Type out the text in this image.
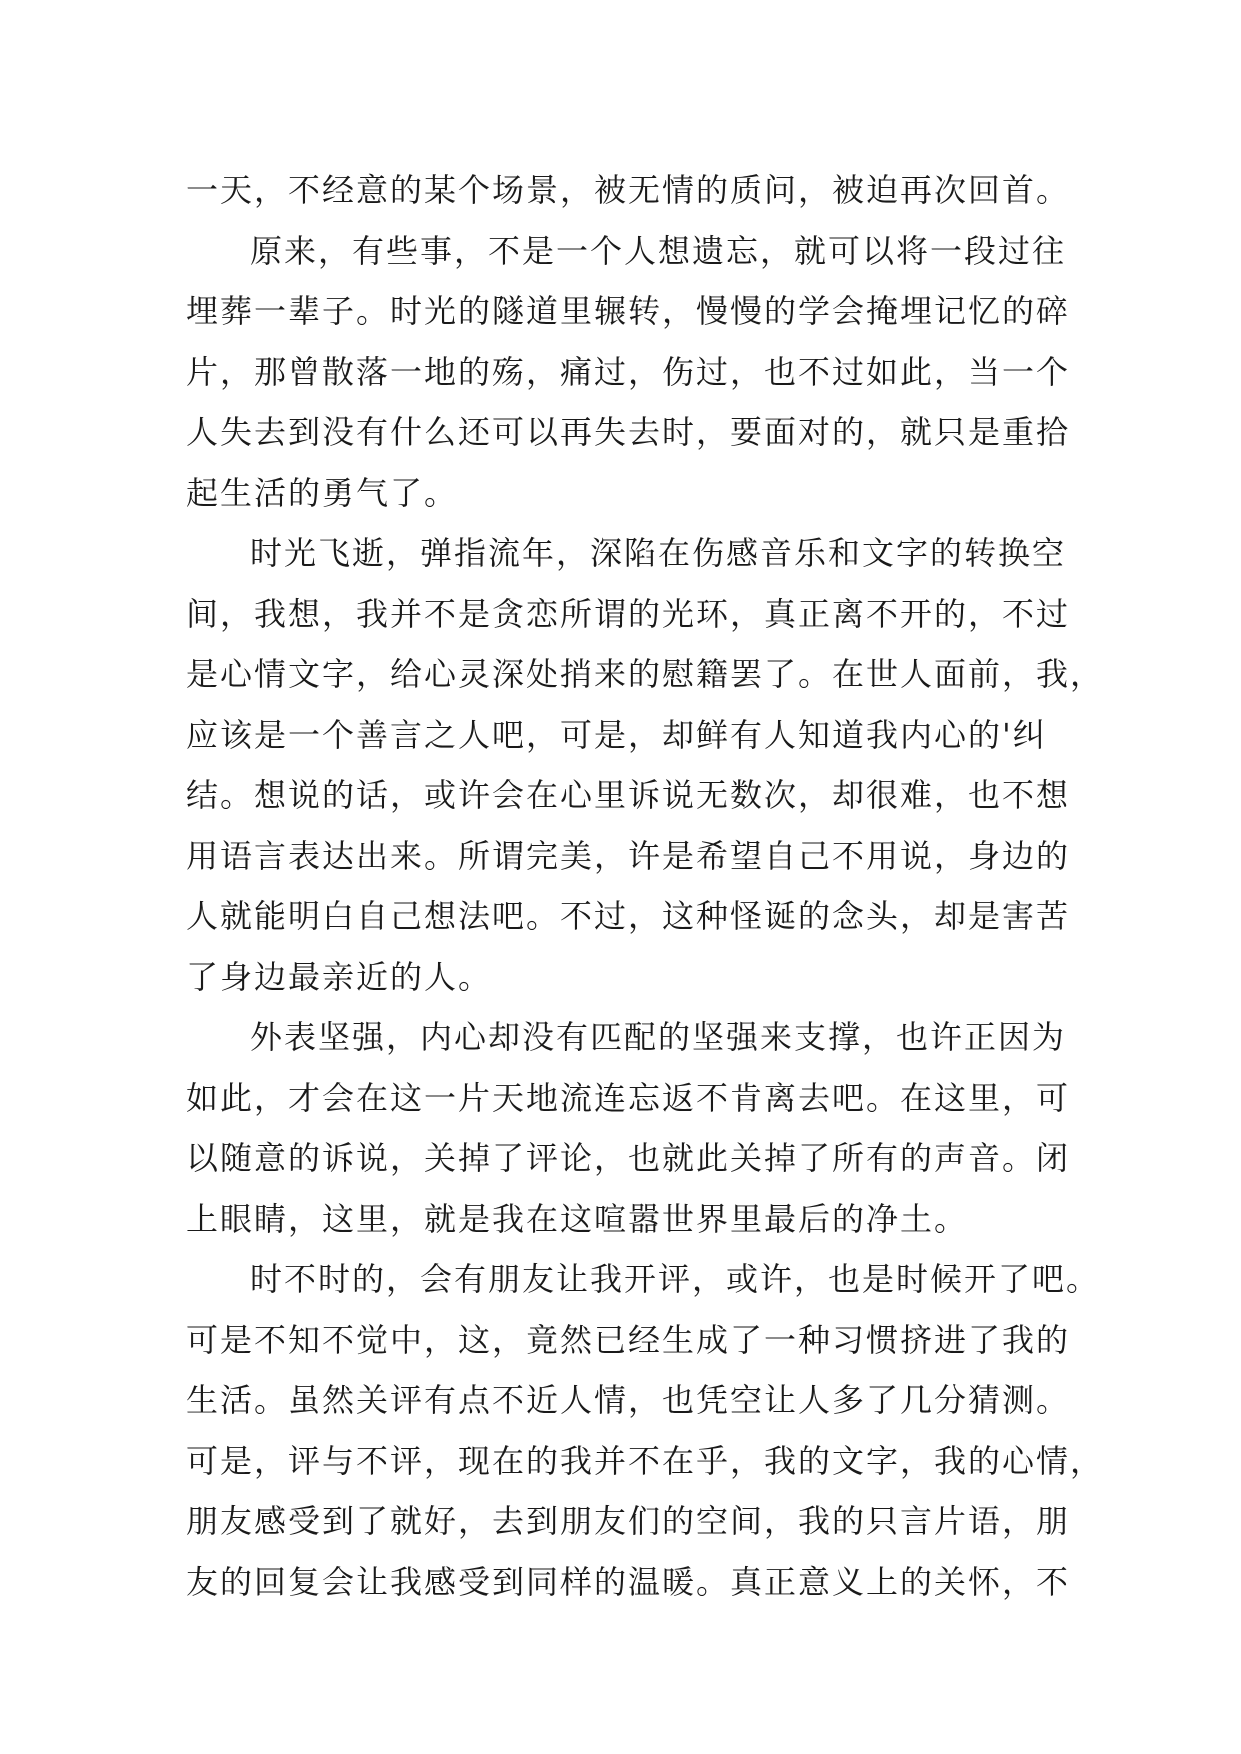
一天，不经意的某个场景，被无情的质问，被迫再次回首。
原来，有些事，不是一个人想遗忘，就可以将一段过往
埋葬一辈子。时光的隧道里辗转，慢慢的学会掩埋记忆的碎
片，那曾散落一地的殇，痛过，伤过，也不过如此，当一个
人失去到没有什么还可以再失去时，要面对的，就只是重拾
起生活的勇气了。
时光飞逝，弹指流年，深陷在伤感音乐和文字的转换空
间，我想，我并不是贪恋所谓的光环，真正离不开的，不过
是心情文字，给心灵深处捎来的慰籍罢了。在世人面前，我，
应该是一个善言之人吧，可是，却鲜有人知道我内心的'纠
结。想说的话，或许会在心里诉说无数次，却很难，也不想
用语言表达出来。所谓完美，许是希望自己不用说，身边的
人就能明白自己想法吧。不过，这种怪诞的念头，却是害苦
了身边最亲近的人。
外表坚强，内心却没有匹配的坚强来支撑，也许正因为
如此，才会在这一片天地流连忘返不肯离去吧。在这里，可
以随意的诉说，关掉了评论，也就此关掉了所有的声音。闭
上眼睛，这里，就是我在这喧嚣世界里最后的净土。
时不时的，会有朋友让我开评，或许，也是时候开了吧。
可是不知不觉中，这，竟然已经生成了一种习惯挤进了我的
生活。虽然关评有点不近人情，也凭空让人多了几分猜测。
可是，评与不评，现在的我并不在乎，我的文字，我的心情，
朋友感受到了就好，去到朋友们的空间，我的只言片语，朋
友的回复会让我感受到同样的温暖。真正意义上的关怀，不
